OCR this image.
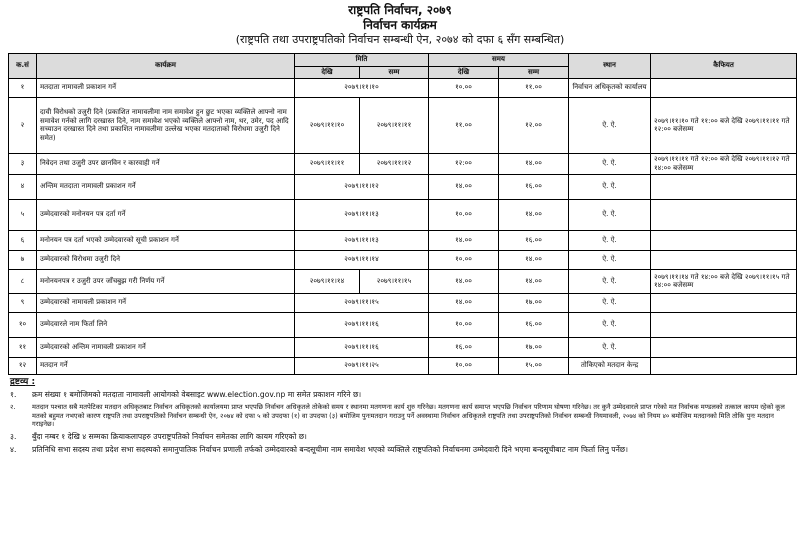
राष्ट्रपति निर्वाचन, २०७९
निर्वाचन कार्यक्रम
(राष्ट्रपति तथा उपराष्ट्रपतिको निर्वाचन सम्बन्धी ऐन, २०७४ को दफा ६ सँग सम्बन्धित)
क.सं	कार्यक्रम	मिति		समय		स्थान	कैफियत
		देखि	सम्म	देखि	सम्म		
१	मतदाता नामावली प्रकाशन गर्ने	२०७९।११।१०		१०.००	११.००	निर्वाचन अधिकृतको कार्यालय	
२	दावी विरोधको उजुरी दिने (प्रकाशित नामावलीमा नाम समावेश हुन छुट भएका व्यक्तिले आफ्नो नाम समावेश गर्नको लागि दरखास्त दिने, नाम समावेश भएको व्यक्तिले आफ्नो नाम, थर, उमेर, पद आदि सच्याउन दरखास्त दिने तथा प्रकाशित नामावलीमा उल्लेख भएका मतदाताको विरोधमा उजुरी दिने समेत)	२०७९।११।१०	२०७९।११।११	११.००	१२.००	ऐ. ऐ.	२०७९।११।१० गते ११:०० बजे देखि २०७९।११।११ गते १२:०० बजेसम्म
३	निवेदन तथा उजुरी उपर छानविन र कारवाही गर्ने	२०७९।११।११	२०७९।११।१२	१२:००	१४.००	ऐ. ऐ.	२०७९।११।११ गते १२:०० बजे देखि २०७९।११।१२ गते १४:०० बजेसम्म
४	अन्तिम मतदाता नामावली प्रकाशन गर्ने	२०७९।११।१२		१४.००	१६.००	ऐ. ऐ.	
५	उम्मेदवारको मनोनयन पत्र दर्ता गर्ने	२०७९।११।१३		१०.००	१४.००	ऐ. ऐ.	
६	मनोनयन पत्र दर्ता भएको उम्मेदवारको सूची प्रकाशन गर्ने	२०७९।११।१३		१४.००	१६.००	ऐ. ऐ.	
७	उम्मेदवारको विरोधमा उजुरी दिने	२०७९।११।१४		१०.००	१४.००	ऐ. ऐ.	
८	मनोनयनपत्र र उजुरी उपर जाँचबुझ गरी निर्णय गर्ने	२०७९।११।१४	२०७९।११।१५	१४.००	१४.००	ऐ. ऐ.	२०७९।११।१४ गते १४:०० बजे देखि २०७९।११।१५ गते १४:०० बजेसम्म
९	उम्मेदवारको नामावली प्रकाशन गर्ने	२०७९।११।१५		१४.००	१७.००	ऐ. ऐ.	
१०	उम्मेदवारले नाम फिर्ता लिने	२०७९।११।१६		१०.००	१६.००	ऐ. ऐ.	
११	उम्मेदवारको अन्तिम नामावली प्रकाशन गर्ने	२०७९।११।१६		१६.००	१७.००	ऐ. ऐ.	
१२	मतदान गर्ने	२०७९।११।२५		१०.००	१५.००	तोकिएको मतदान केन्द्र	
द्रष्टव्य :
१.	क्रम संख्या १ बमोजिमको मतदाता नामावली आयोगको वेबसाइट www.election.gov.np मा समेत प्रकाशन गरिने छ।
२.	मतदान पश्चात सबै मतपेटिका मतदान अधिकृतबाट निर्वाचन अधिकृतको कार्यालयमा प्राप्त भएपछि निर्वाचन अधिकृतले तोकेको समय र स्थानमा मतगणना कार्य शुरु गरिनेछ। मतगणना कार्य समाप्त भएपछि निर्वाचन परिणाम घोषणा गरिनेछ। तर कुनै उम्मेदवारले प्राप्त गरेको मत निर्वाचक मण्डलको तत्काल कायम रहेको कूल मतको बहुमत नभएको कारण राष्ट्रपति तथा उपराष्ट्रपतिको निर्वाचन सम्बन्धी ऐन, २०७४ को दफा ५ को उपदफा (१) वा उपदफा (३) बमोजिम पुनःमतदान गराउनु पर्ने अवस्थामा निर्वाचन अधिकृतले राष्ट्रपति तथा उपराष्ट्रपतिको निर्वाचन सम्बन्धी नियमावली, २०७४ को नियम ४० बमोजिम मतदानको मिति तोकि पुनः मतदान गराइनेछ।
३.	बुँदा नम्बर १ देखि ४ सम्मका क्रियाकलापहरु उपराष्ट्रपतिको निर्वाचन समेतका लागि कायम गरिएको छ।
४.	प्रतिनिधि सभा सदस्य तथा प्रदेश सभा सदस्यको समानुपातिक निर्वाचन प्रणाली तर्फको उम्मेदवारको बन्दसूचीमा नाम समावेश भएको व्यक्तिले राष्ट्रपतिको निर्वाचनमा उम्मेदवारी दिने भएमा बन्दसूचीबाट नाम फिर्ता लिनु पर्नेछ।
